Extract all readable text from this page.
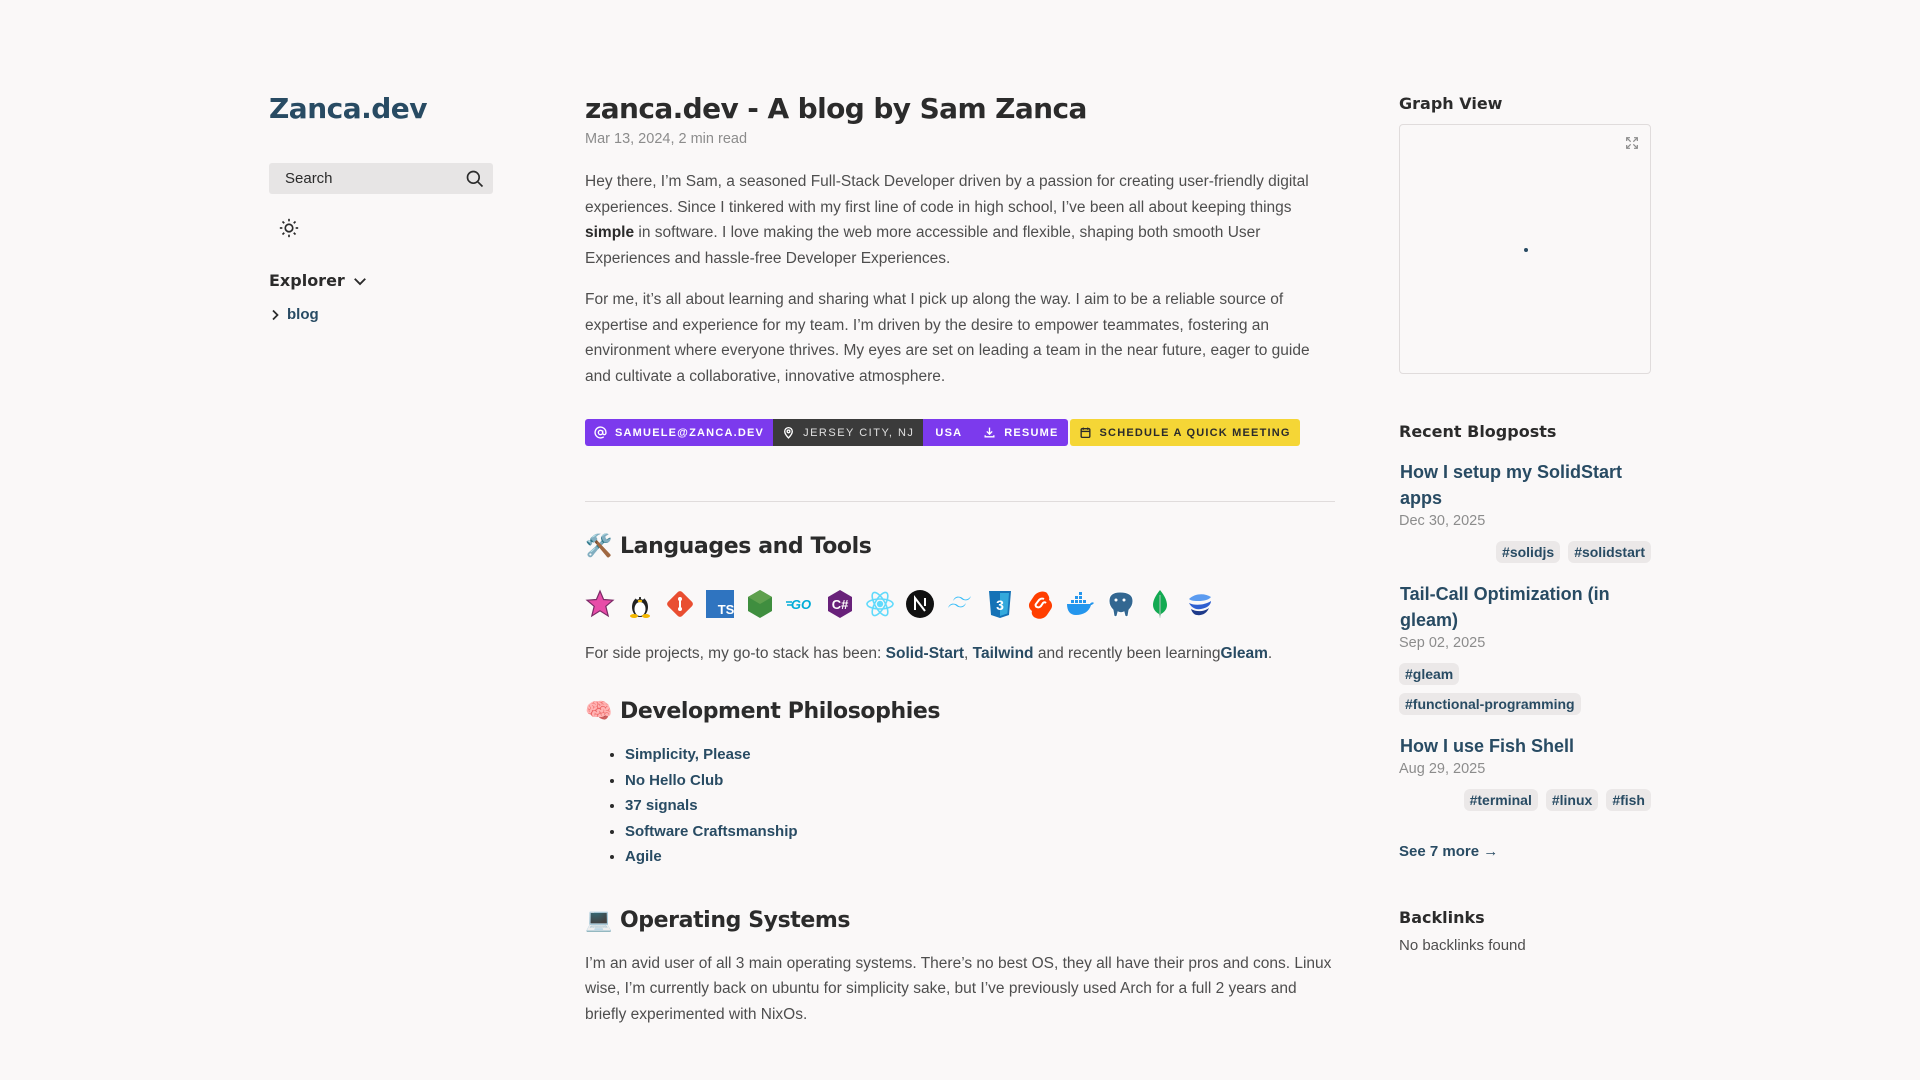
Zanca.dev
Search
Explorer
blog
zanca.dev - A blog by Sam Zanca
Mar 13, 2024, 2 min read

Hey there, I’m Sam, a seasoned Full-Stack Developer driven by a passion for creating user-friendly digital experiences. Since I tinkered with my first line of code in high school, I’ve been all about keeping things simple in software. I love making the web more accessible and flexible, shaping both smooth User Experiences and hassle-free Developer Experiences.

For me, it’s all about learning and sharing what I pick up along the way. I aim to be a reliable source of expertise and experience for my team. I’m driven by the desire to empower teammates, fostering an environment where everyone thrives. My eyes are set on leading a team in the near future, eager to guide and cultivate a collaborative, innovative atmosphere.

SAMUELE@ZANCA.DEV	JERSEY CITY, NJ	USA	RESUME	SCHEDULE A QUICK MEETING
🛠️ Languages and Tools
TS	GO C#	3

For side projects, my go-to stack has been: Solid-Start, Tailwind and recently been learningGleam.

🧠 Development Philosophies
• Simplicity, Please
• No Hello Club
• 37 signals
• Software Craftsmanship
• Agile
💻 Operating Systems

I’m an avid user of all 3 main operating systems. There’s no best OS, they all have their pros and cons. Linux wise, I’m currently back on ubuntu for simplicity sake, but I’ve previously used Arch for a full 2 years and briefly experimented with NixOs.

Graph View
Recent Blogposts
How I setup my SolidStart apps
Dec 30, 2025
#solidjs	#solidstart
Tail-Call Optimization (in gleam)
Sep 02, 2025
#gleam
#functional-programming
How I use Fish Shell
Aug 29, 2025
#terminal	#linux	#fish
See 7 more →
Backlinks
No backlinks found
